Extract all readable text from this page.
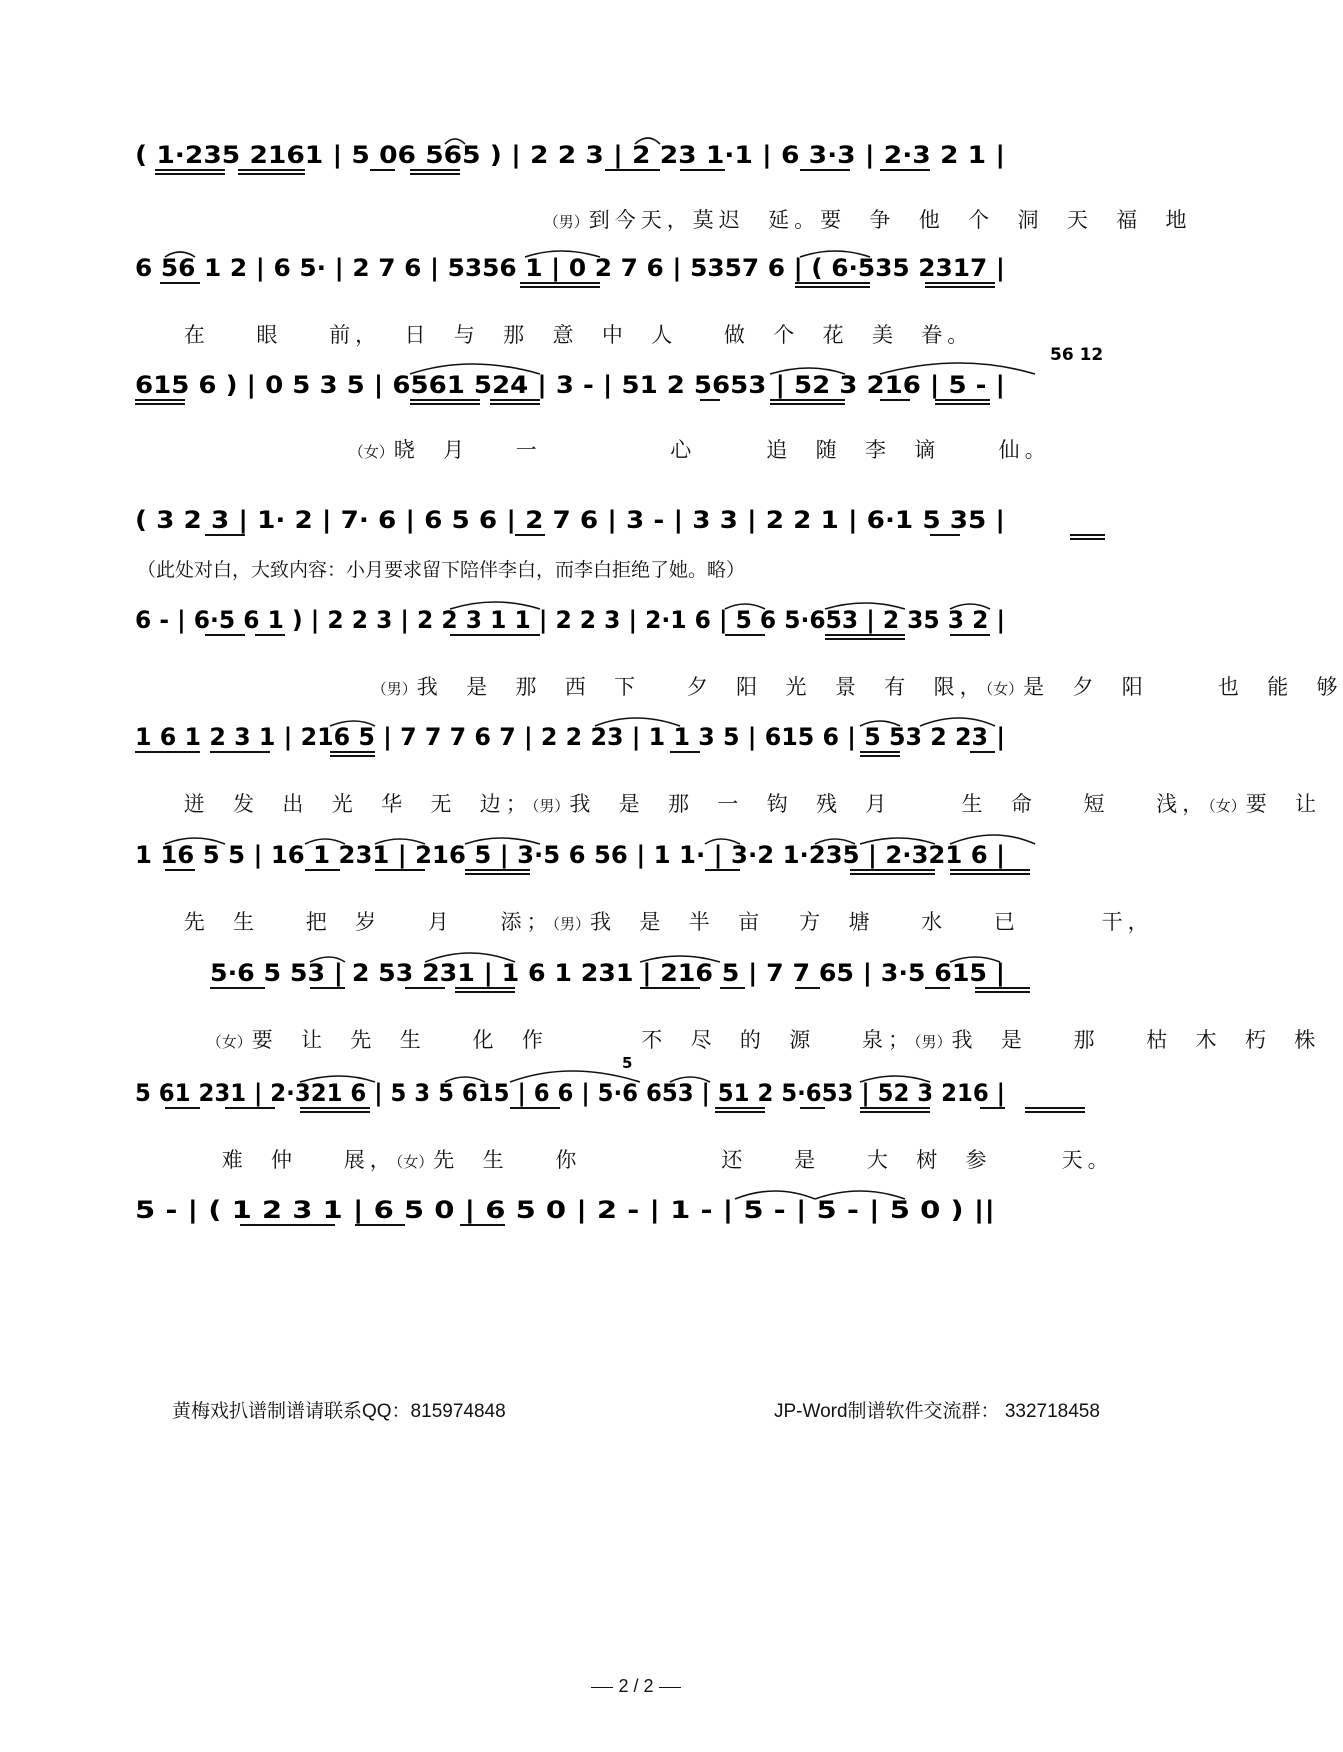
( 1·235 2161 | 5 06 565 ) | 2 2 3 | 2 23 1·1 | 6 3·3 | 2·3 2 1 |

（男）到今天，莫迟  延。要  争  他  个  洞  天  福  地

6 56 1 2 | 6 5· | 2 7 6 | 5356 1 | 0 2 7 6 | 5357 6 | ( 6·535 2317 |

在    眼    前，  日  与  那  意  中  人    做  个  花  美  眷。

56 12
615 6 ) | 0 5 3 5 | 6561 524 | 3 - | 51 2 5653 | 52 3 216 | 5 - |

（女）晓  月    一           心      追  随  李  谪     仙。

( 3 2 3 | 1· 2 | 7· 6 | 6 5 6 | 2 7 6 | 3 - | 3 3 | 2 2 1 | 6·1 5 35 |
（此处对白，大致内容：小月要求留下陪伴李白，而李白拒绝了她。略）
6 - | 6·5 6 1 ) | 2 2 3 | 2 2 3 1 1 | 2 2 3 | 2·1 6 | 5 6 5·653 | 2 35 3 2 |

（男）我  是  那  西  下    夕  阳  光  景  有  限，（女）是  夕  阳      也  能  够

1 6 1 2 3 1 | 216 5 | 7 7 7 6 7 | 2 2 23 | 1 1 3 5 | 615 6 | 5 53 2 23 |

迸  发  出  光  华  无  边；（男）我  是  那  一  钩  残  月      生  命    短    浅，（女）要  让

1 16 5 5 | 16 1 231 | 216 5 | 3·5 6 56 | 1 1· | 3·2 1·235 | 2·321 6 |

先  生    把  岁    月    添；（男）我  是  半  亩   方  塘    水    已       干，

5·6 5 53 | 2 53 231 | 1 6 1 231 | 216 5 | 7 7 65 | 3·5 615 |

（女）要  让  先  生    化  作        不  尽  的  源    泉；（男）我  是    那    枯  木  朽  株

5
5 61 231 | 2·321 6 | 5 3 5 615 | 6 6 | 5·6 653 | 51 2 5·653 | 52 3 216 |

难  仲    展，（女）先  生    你            还    是    大  树  参      天。

5 - | ( 1 2 3 1 | 6 5 0 | 6 5 0 | 2 - | 1 - | 5 - | 5 - | 5 0 ) ||
黄梅戏扒谱制谱请联系QQ：815974848	JP-Word制谱软件交流群： 332718458
2 / 2
